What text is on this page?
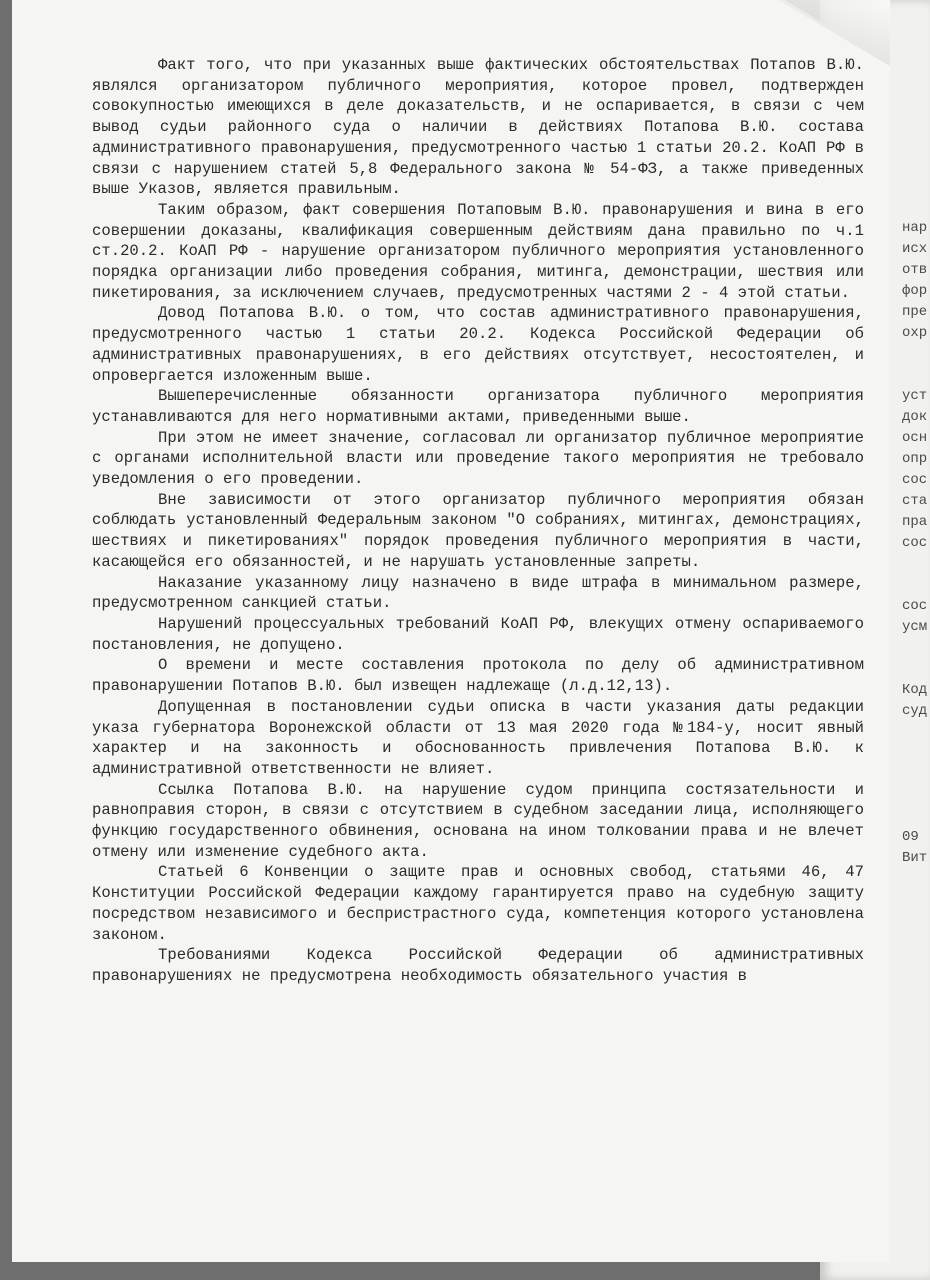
нар
исх
отв
фор
пре
охр
уст
док
осн
опр
сос
ста
пра
сос
сос
усм
Код
суд
09
Вит

Факт того, что при указанных выше фактических обстоятельствах Потапов В.Ю. являлся организатором публичного мероприятия, которое провел, подтвержден совокупностью имеющихся в деле доказательств, и не оспаривается, в связи с чем вывод судьи районного суда о наличии в действиях Потапова В.Ю. состава административного правонарушения, предусмотренного частью 1 статьи 20.2. КоАП РФ в связи с нарушением статей 5,8 Федерального закона № 54-ФЗ, а также приведенных выше Указов, является правильным.

Таким образом, факт совершения Потаповым В.Ю. правонарушения и вина в его совершении доказаны, квалификация совершенным действиям дана правильно по ч.1 ст.20.2. КоАП РФ - нарушение организатором публичного мероприятия установленного порядка организации либо проведения собрания, митинга, демонстрации, шествия или пикетирования, за исключением случаев, предусмотренных частями 2 - 4 этой статьи.

Довод Потапова В.Ю. о том, что состав административного правонарушения, предусмотренного частью 1 статьи 20.2. Кодекса Российской Федерации об административных правонарушениях, в его действиях отсутствует, несостоятелен, и опровергается изложенным выше.

Вышеперечисленные обязанности организатора публичного мероприятия устанавливаются для него нормативными актами, приведенными выше.

При этом не имеет значение, согласовал ли организатор публичное мероприятие с органами исполнительной власти или проведение такого мероприятия не требовало уведомления о его проведении.

Вне зависимости от этого организатор публичного мероприятия обязан соблюдать установленный Федеральным законом "О собраниях, митингах, демонстрациях, шествиях и пикетированиях" порядок проведения публичного мероприятия в части, касающейся его обязанностей, и не нарушать установленные запреты.

Наказание указанному лицу назначено в виде штрафа в минимальном размере, предусмотренном санкцией статьи.

Нарушений процессуальных требований КоАП РФ, влекущих отмену оспариваемого постановления, не допущено.

О времени и месте составления протокола по делу об административном правонарушении Потапов В.Ю. был извещен надлежаще (л.д.12,13).

Допущенная в постановлении судьи описка в части указания даты редакции указа губернатора Воронежской области от 13 мая 2020 года №184-у, носит явный характер и на законность и обоснованность привлечения Потапова В.Ю. к административной ответственности не влияет.

Ссылка Потапова В.Ю. на нарушение судом принципа состязательности и равноправия сторон, в связи с отсутствием в судебном заседании лица, исполняющего функцию государственного обвинения, основана на ином толковании права и не влечет отмену или изменение судебного акта.

Статьей 6 Конвенции о защите прав и основных свобод, статьями 46, 47 Конституции Российской Федерации каждому гарантируется право на судебную защиту посредством независимого и беспристрастного суда, компетенция которого установлена законом.

Требованиями Кодекса Российской Федерации об административных правонарушениях не предусмотрена необходимость обязательного участия в
